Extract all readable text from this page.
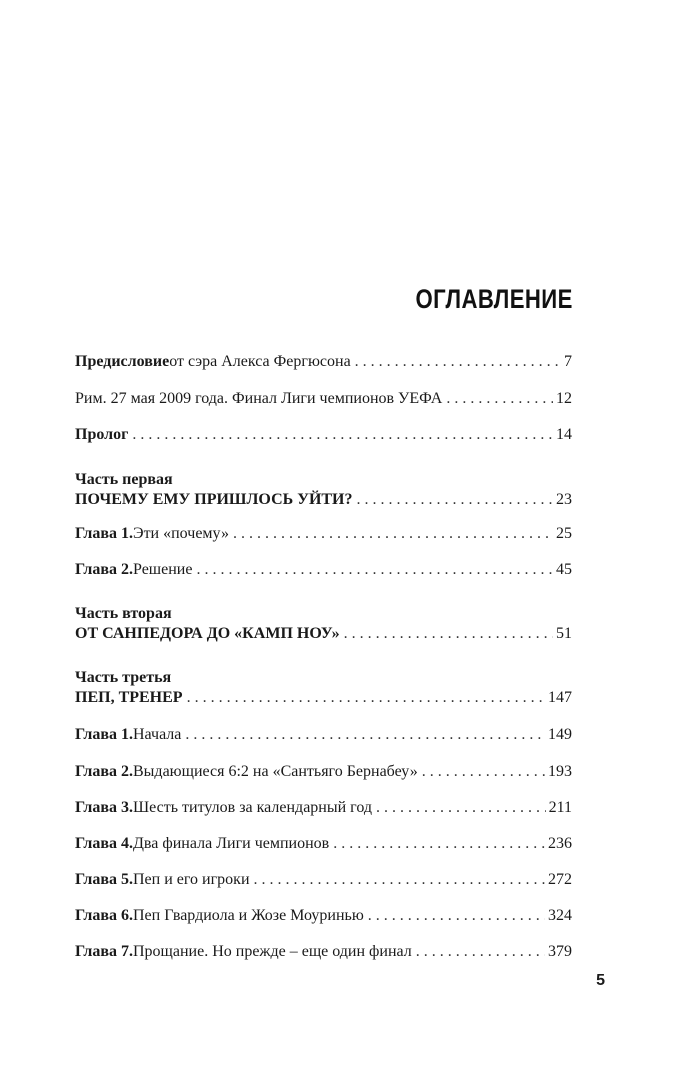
ОГЛАВЛЕНИЕ
Предисловие от сэра Алекса Фергюсона . . .	7
Рим. 27 мая 2009 года. Финал Лиги чемпионов УЕФА . . .	12
Пролог . . .	14
Часть первая
ПОЧЕМУ ЕМУ ПРИШЛОСЬ УЙТИ? . . .	23
Глава 1. Эти «почему» . . .	25
Глава 2. Решение . . .	45
Часть вторая
ОТ САНПЕДОРА ДО «КАМП НОУ» . . .	51
Часть третья
ПЕП, ТРЕНЕР . . .	147
Глава 1. Начала . . .	149
Глава 2. Выдающиеся 6:2 на «Сантьяго Бернабеу» . . .	193
Глава 3. Шесть титулов за календарный год . . .	211
Глава 4. Два финала Лиги чемпионов . . .	236
Глава 5. Пеп и его игроки . . .	272
Глава 6. Пеп Гвардиола и Жозе Моуринью . . .	324
Глава 7. Прощание. Но прежде – еще один финал . . .	379
5
